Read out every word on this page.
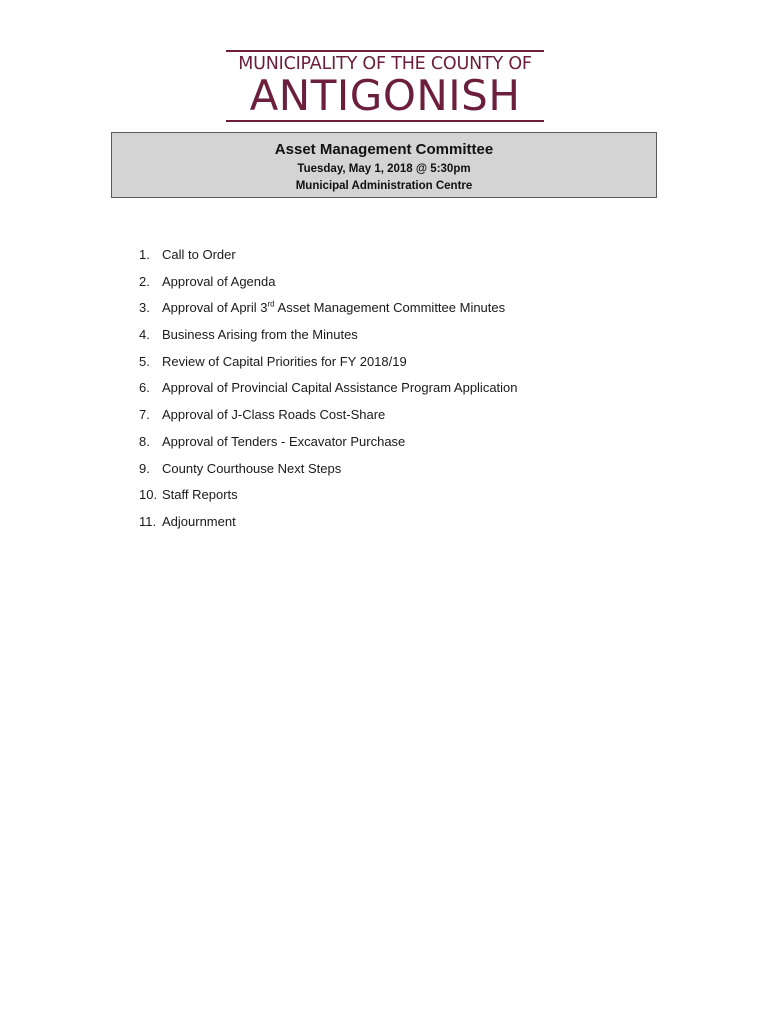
MUNICIPALITY OF THE COUNTY OF
ANTIGONISH
Asset Management Committee
Tuesday, May 1, 2018 @ 5:30pm
Municipal Administration Centre
1. Call to Order
2. Approval of Agenda
3. Approval of April 3rd Asset Management Committee Minutes
4. Business Arising from the Minutes
5. Review of Capital Priorities for FY 2018/19
6. Approval of Provincial Capital Assistance Program Application
7. Approval of J-Class Roads Cost-Share
8. Approval of Tenders - Excavator Purchase
9. County Courthouse Next Steps
10. Staff Reports
11. Adjournment
